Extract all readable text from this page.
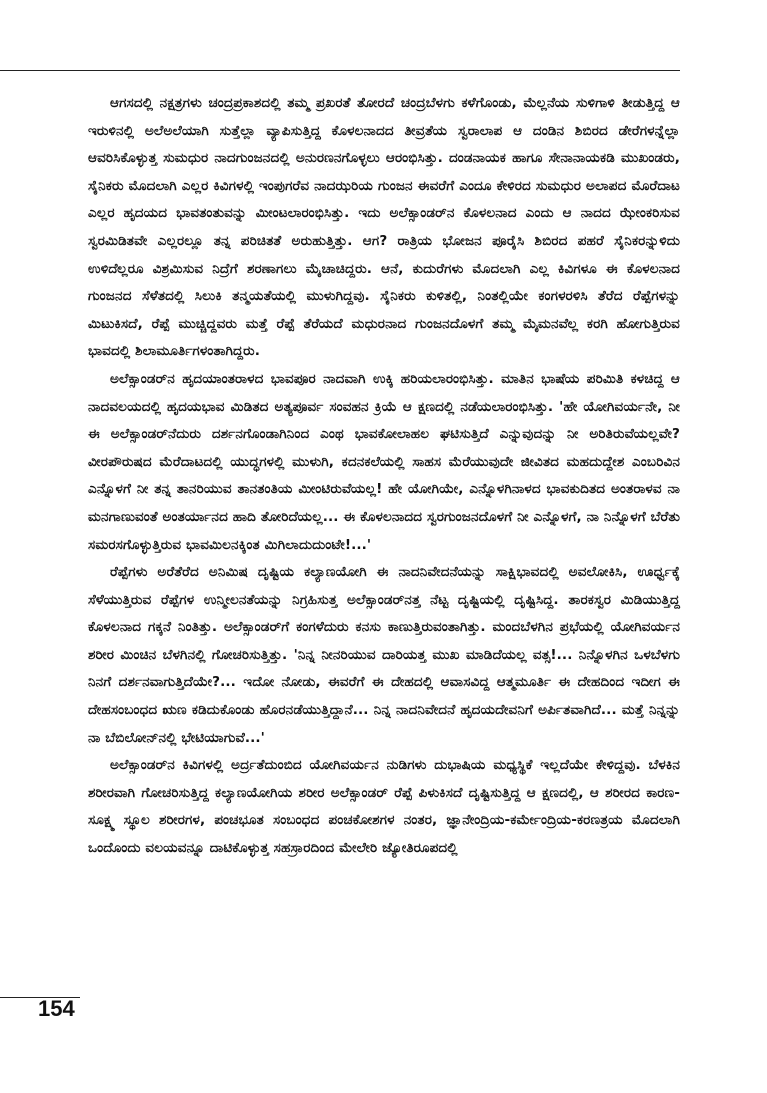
ಆಗಸದಲ್ಲಿ ನಕ್ಷತ್ರಗಳು ಚಂದ್ರಪ್ರಕಾಶದಲ್ಲಿ ತಮ್ಮ ಪ್ರಖರತೆ ತೋರದೆ ಚಂದ್ರಬೆಳಗು ಕಳೆಗೊಂಡು, ಮೆಲ್ಲನೆಯ ಸುಳಿಗಾಳಿ ತೀಡುತ್ತಿದ್ದ ಆ ಇರುಳಿನಲ್ಲಿ ಅಲೆಅಲೆಯಾಗಿ ಸುತ್ತೆಲ್ಲಾ ವ್ಯಾಪಿಸುತ್ತಿದ್ದ ಕೊಳಲನಾದದ ತೀವ್ರತೆಯ ಸ್ವರಾಲಾಪ ಆ ದಂಡಿನ ಶಿಬಿರದ ಡೇರೆಗಳನ್ನೆಲ್ಲಾ ಆವರಿಸಿಕೊಳ್ಳುತ್ತ ಸುಮಧುರ ನಾದಗುಂಜನದಲ್ಲಿ ಅನುರಣನಗೊಳ್ಳಲು ಆರಂಭಿಸಿತ್ತು. ದಂಡನಾಯಕ ಹಾಗೂ ಸೇನಾನಾಯಕಡಿ ಮುಖಂಡರು, ಸೈನಿಕರು ಮೊದಲಾಗಿ ಎಲ್ಲರ ಕಿವಿಗಳಲ್ಲಿ ಇಂಪುಗರೆವ ನಾದಝರಿಯ ಗುಂಜನ ಈವರೆಗೆ ಎಂದೂ ಕೇಳಿರದ ಸುಮಧುರ ಅಲಾಪದ ಮೊರೆದಾಟ ಎಲ್ಲರ ಹೃದಯದ ಭಾವತಂತುವನ್ನು ಮೀಂಟಲಾರಂಭಿಸಿತ್ತು. ಇದು ಅಲೆಕ್ಸಾಂಡರ್‌ನ ಕೊಳಲನಾದ ಎಂದು ಆ ನಾದದ ಝೇಂಕರಿಸುವ ಸ್ವರಮಿಡಿತವೇ ಎಲ್ಲರಲ್ಲೂ ತನ್ನ ಪರಿಚಿತತೆ ಅರುಹುತ್ತಿತ್ತು. ಆಗ? ರಾತ್ರಿಯ ಭೋಜನ ಪೂರೈಸಿ ಶಿಬಿರದ ಪಹರೆ ಸೈನಿಕರನ್ನುಳಿದು ಉಳಿದೆಲ್ಲರೂ ವಿಶ್ರಮಿಸುವ ನಿದ್ರೆಗೆ ಶರಣಾಗಲು ಮೈಚಾಚಿದ್ದರು. ಆನೆ, ಕುದುರೆಗಳು ಮೊದಲಾಗಿ ಎಲ್ಲ ಕಿವಿಗಳೂ ಈ ಕೊಳಲನಾದ ಗುಂಜನದ ಸೆಳೆತದಲ್ಲಿ ಸಿಲುಕಿ ತನ್ಮಯತೆಯಲ್ಲಿ ಮುಳುಗಿದ್ದವು. ಸೈನಿಕರು ಕುಳಿತಲ್ಲಿ, ನಿಂತಲ್ಲಿಯೇ ಕಂಗಳರಳಿಸಿ ತೆರೆದ ರೆಪ್ಪೆಗಳನ್ನು ಮಿಟುಕಿಸದೆ, ರೆಪ್ಪೆ ಮುಚ್ಚಿದ್ದವರು ಮತ್ತೆ ರೆಪ್ಪೆ ತೆರೆಯದೆ ಮಧುರನಾದ ಗುಂಜನದೊಳಗೆ ತಮ್ಮ ಮೈಮನವೆಲ್ಲ ಕರಗಿ ಹೋಗುತ್ತಿರುವ ಭಾವದಲ್ಲಿ ಶಿಲಾಮೂರ್ತಿಗಳಂತಾಗಿದ್ದರು.

ಅಲೆಕ್ಸಾಂಡರ್‌ನ ಹೃದಯಾಂತರಾಳದ ಭಾವಪೂರ ನಾದವಾಗಿ ಉಕ್ಕಿ ಹರಿಯಲಾರಂಭಿಸಿತ್ತು. ಮಾತಿನ ಭಾಷೆಯ ಪರಿಮಿತಿ ಕಳಚಿದ್ದ ಆ ನಾದವಲಯದಲ್ಲಿ ಹೃದಯಭಾವ ಮಿಡಿತದ ಅತ್ಯಪೂರ್ವ ಸಂವಹನ ಕ್ರಿಯೆ ಆ ಕ್ಷಣದಲ್ಲಿ ನಡೆಯಲಾರಂಭಿಸಿತ್ತು. 'ಹೇ ಯೋಗಿವರ್ಯನೇ, ನೀ ಈ ಅಲೆಕ್ಸಾಂಡರ್‌ನೆದುರು ದರ್ಶನಗೊಂಡಾಗಿನಿಂದ ಎಂಥ ಭಾವಕೋಲಾಹಲ ಘಟಿಸುತ್ತಿದೆ ಎನ್ನುವುದನ್ನು ನೀ ಅರಿತಿರುವೆಯಲ್ಲವೇ? ವೀರಪೌರುಷದ ಮೆರೆದಾಟದಲ್ಲಿ ಯುದ್ಧಗಳಲ್ಲಿ ಮುಳುಗಿ, ಕದನಕಲೆಯಲ್ಲಿ ಸಾಹಸ ಮೆರೆಯುವುದೇ ಜೀವಿತದ ಮಹದುದ್ದೇಶ ಎಂಬರಿವಿನ ಎನ್ನೊಳಗೆ ನೀ ತನ್ನ ತಾನರಿಯುವ ತಾನತಂತಿಯ ಮೀಂಟಿರುವೆಯಲ್ಲ! ಹೇ ಯೋಗಿಯೇ, ಎನ್ನೊಳಗಿನಾಳದ ಭಾವಕುದಿತದ ಅಂತರಾಳವ ನಾ ಮನಗಾಣುವಂತೆ ಅಂತರ್ಯಾನದ ಹಾದಿ ತೋರಿದೆಯಲ್ಲ... ಈ ಕೊಳಲನಾದದ ಸ್ವರಗುಂಜನದೊಳಗೆ ನೀ ಎನ್ನೊಳಗೆ, ನಾ ನಿನ್ನೊಳಗೆ ಬೆರೆತು ಸಮರಸಗೊಳ್ಳುತ್ತಿರುವ ಭಾವಮಿಲನಕ್ಕಿಂತ ಮಿಗಿಲಾದುದುಂಟೇ!...'

ರೆಪ್ಪೆಗಳು ಅರೆತೆರೆದ ಅನಿಮಿಷ ದೃಷ್ಟಿಯ ಕಲ್ಯಾಣಯೋಗಿ ಈ ನಾದನಿವೇದನೆಯನ್ನು ಸಾಕ್ಷಿಭಾವದಲ್ಲಿ ಅವಲೋಕಿಸಿ, ಊರ್ಧ್ವಕ್ಕೆ ಸೆಳೆಯುತ್ತಿರುವ ರೆಪ್ಪೆಗಳ ಉನ್ಮೀಲನತೆಯನ್ನು ನಿಗ್ರಹಿಸುತ್ತ ಅಲೆಕ್ಸಾಂಡರ್‌ನತ್ತ ನೆಟ್ಟ ದೃಷ್ಟಿಯಲ್ಲಿ ದೃಷ್ಟಿಸಿದ್ದ. ತಾರಕಸ್ವರ ಮಿಡಿಯುತ್ತಿದ್ದ ಕೊಳಲನಾದ ಗಕ್ಕನೆ ನಿಂತಿತ್ತು. ಅಲೆಕ್ಸಾಂಡರ್‌ಗೆ ಕಂಗಳೆದುರು ಕನಸು ಕಾಣುತ್ತಿರುವಂತಾಗಿತ್ತು. ಮಂದಬೆಳಗಿನ ಪ್ರಭೆಯಲ್ಲಿ ಯೋಗಿವರ್ಯನ ಶರೀರ ಮಿಂಚಿನ ಬೆಳಗಿನಲ್ಲಿ ಗೋಚರಿಸುತ್ತಿತ್ತು. 'ನಿನ್ನ ನೀನರಿಯುವ ದಾರಿಯತ್ತ ಮುಖ ಮಾಡಿದೆಯಲ್ಲ ವತ್ಸ!... ನಿನ್ನೊಳಗಿನ ಒಳಬೆಳಗು ನಿನಗೆ ದರ್ಶನವಾಗುತ್ತಿದೆಯೇ?... ಇದೋ ನೋಡು, ಈವರೆಗೆ ಈ ದೇಹದಲ್ಲಿ ಆವಾಸವಿದ್ದ ಆತ್ಮಮೂರ್ತಿ ಈ ದೇಹದಿಂದ ಇದೀಗ ಈ ದೇಹಸಂಬಂಧದ ಋಣ ಕಡಿದುಕೊಂಡು ಹೊರನಡೆಯುತ್ತಿದ್ದಾನೆ... ನಿನ್ನ ನಾದನಿವೇದನೆ ಹೃದಯದೇವನಿಗೆ ಅರ್ಪಿತವಾಗಿದೆ... ಮತ್ತೆ ನಿನ್ನನ್ನು ನಾ ಬೆಬಿಲೋನ್‌ನಲ್ಲಿ ಭೇಟಿಯಾಗುವೆ...'

ಅಲೆಕ್ಸಾಂಡರ್‌ನ ಕಿವಿಗಳಲ್ಲಿ ಅರ್ದ್ರತೆದುಂಬಿದ ಯೋಗಿವರ್ಯನ ನುಡಿಗಳು ದುಭಾಷಿಯ ಮಧ್ಯಸ್ಥಿಕೆ ಇಲ್ಲದೆಯೇ ಕೇಳಿದ್ದವು. ಬೆಳಕಿನ ಶರೀರವಾಗಿ ಗೋಚರಿಸುತ್ತಿದ್ದ ಕಲ್ಯಾಣಯೋಗಿಯ ಶರೀರ ಅಲೆಕ್ಸಾಂಡರ್ ರೆಪ್ಪೆ ಪಿಳುಕಿಸದೆ ದೃಷ್ಟಿಸುತ್ತಿದ್ದ ಆ ಕ್ಷಣದಲ್ಲಿ, ಆ ಶರೀರದ ಕಾರಣ-ಸೂಕ್ಷ್ಮ ಸ್ಥೂಲ ಶರೀರಗಳ, ಪಂಚಭೂತ ಸಂಬಂಧದ ಪಂಚಕೋಶಗಳ ನಂತರ, ಜ್ಞಾನೇಂದ್ರಿಯ-ಕರ್ಮೇಂದ್ರಿಯ-ಕರಣತ್ರಯ ಮೊದಲಾಗಿ ಒಂದೊಂದು ವಲಯವನ್ನೂ ದಾಟಿಕೊಳ್ಳುತ್ತ ಸಹಸ್ರಾರದಿಂದ ಮೇಲೇರಿ ಜ್ಯೋತಿರೂಪದಲ್ಲಿ

154
